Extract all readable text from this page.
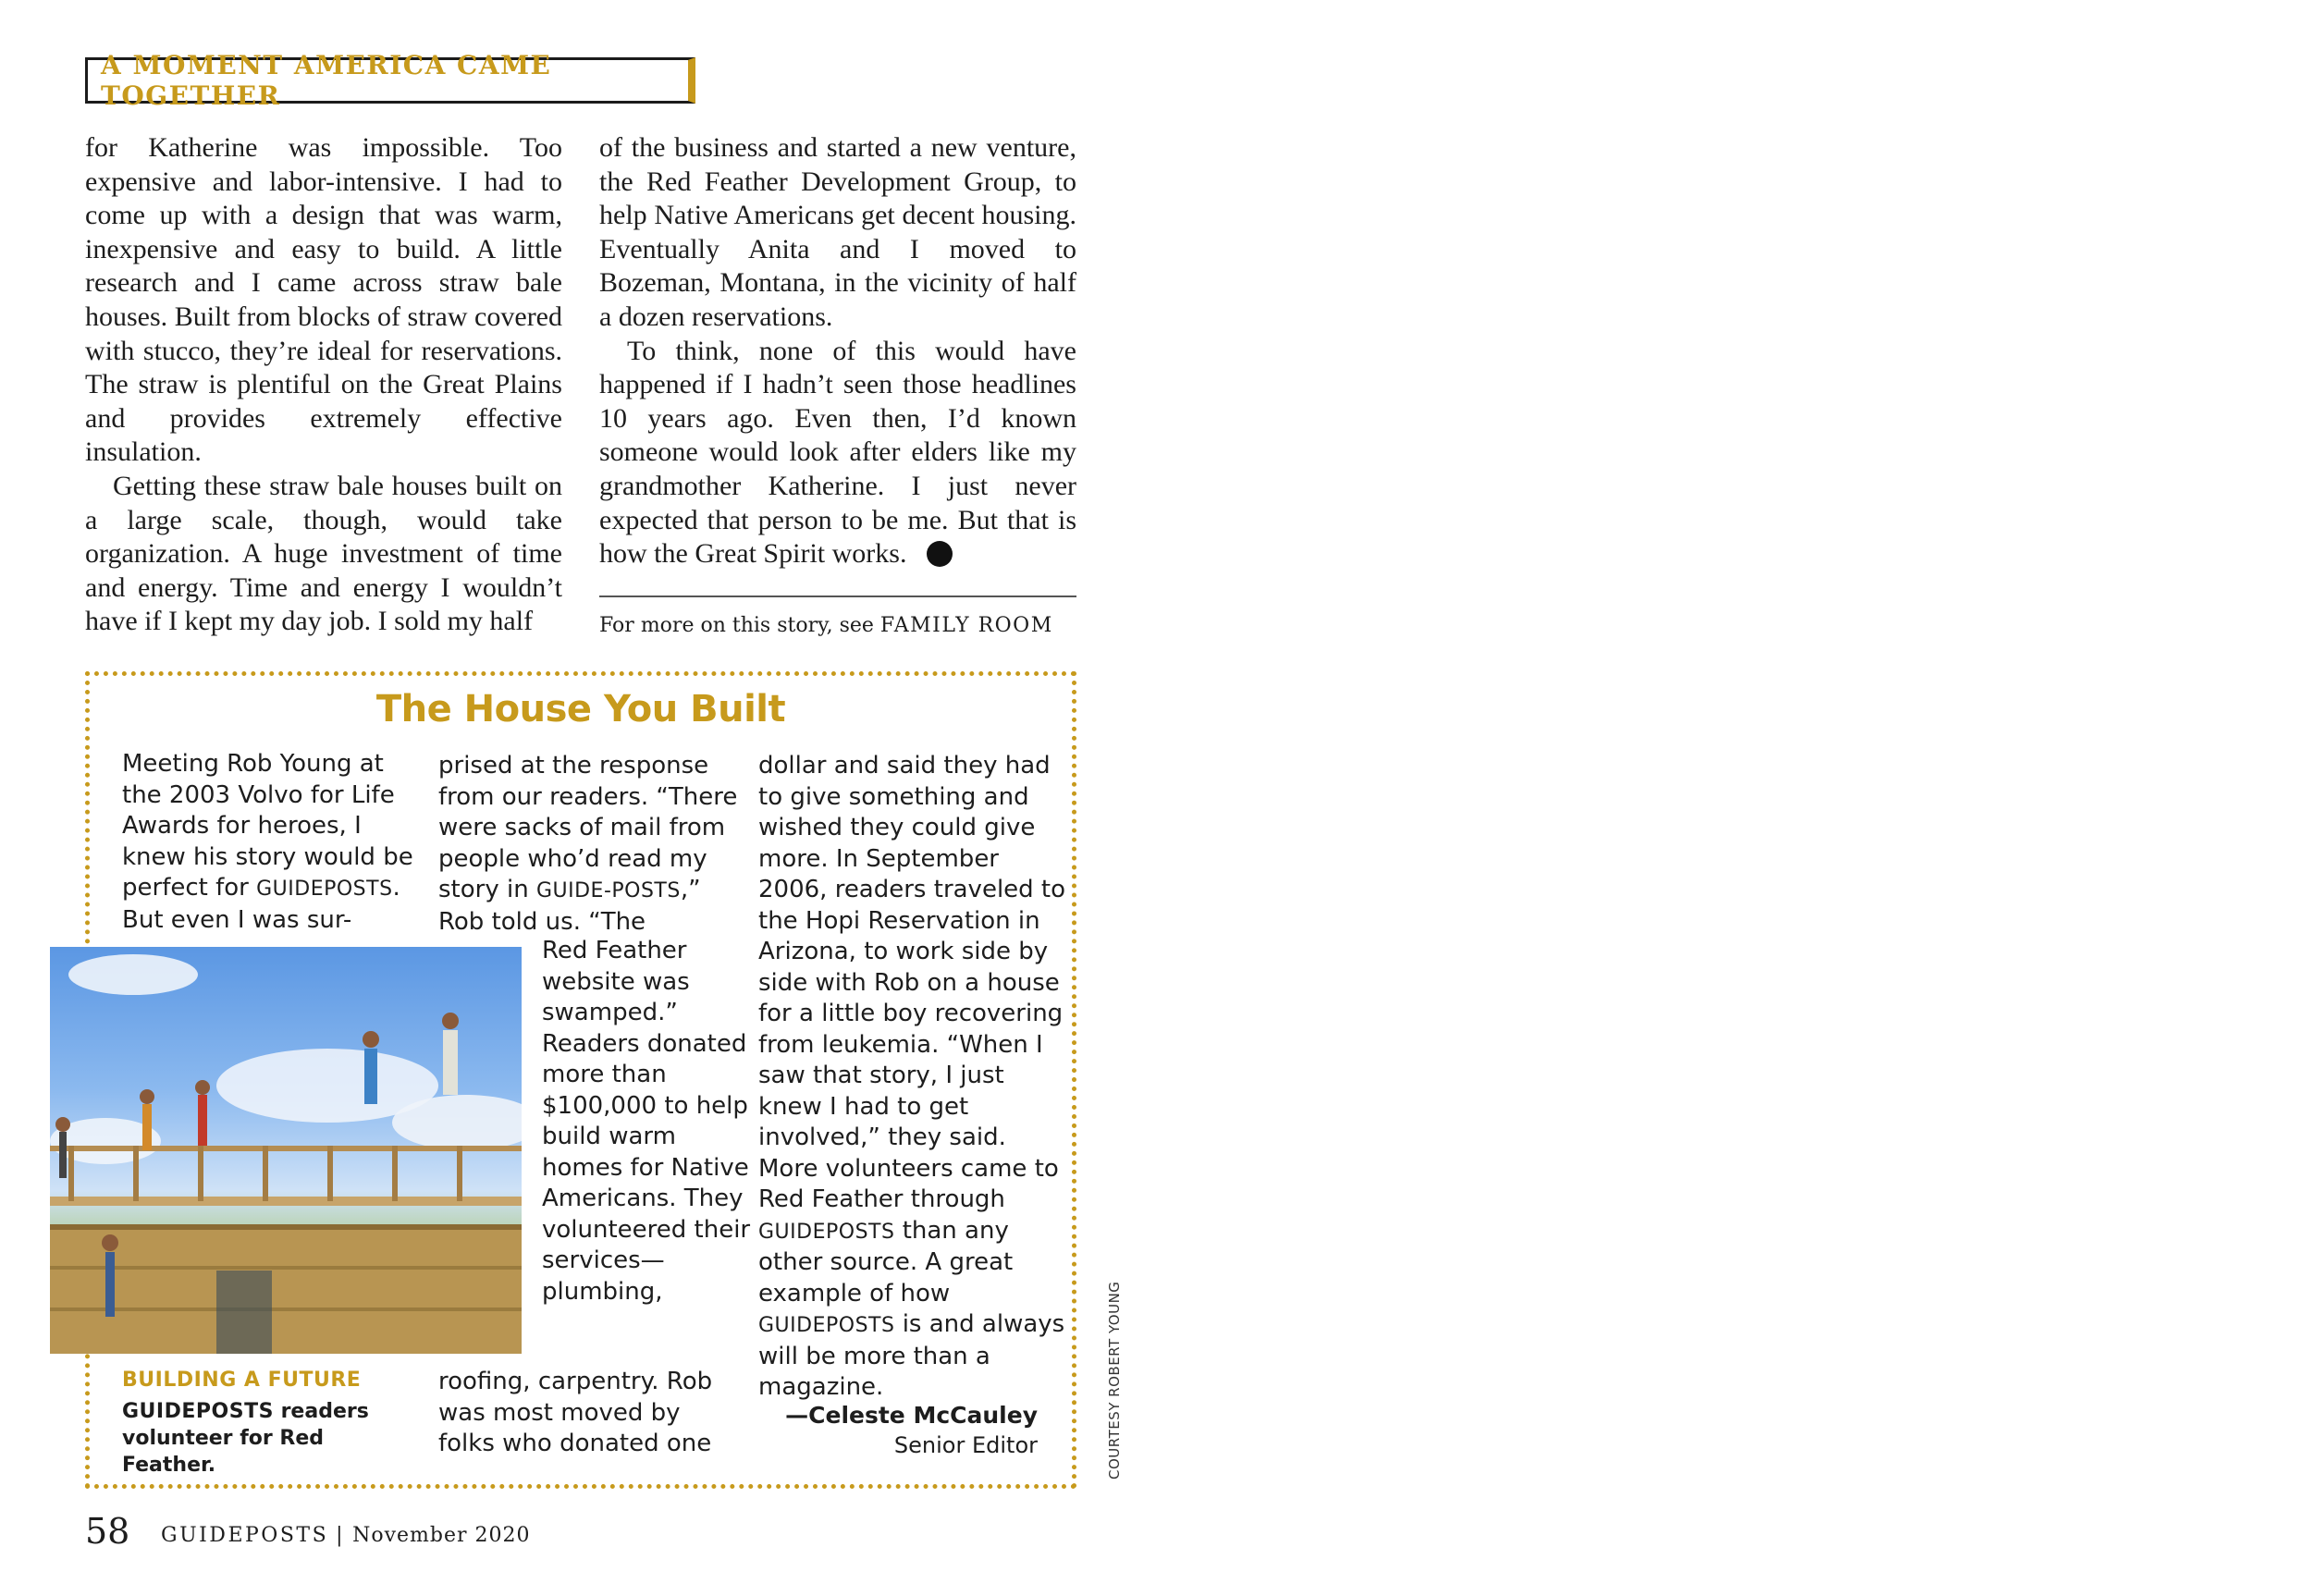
A MOMENT AMERICA CAME TOGETHER

for Katherine was impossible. Too expensive and labor-intensive. I had to come up with a design that was warm, inexpensive and easy to build. A little research and I came across straw bale houses. Built from blocks of straw covered with stucco, they’re ideal for reservations. The straw is plentiful on the Great Plains and provides extremely effective insulation.

Getting these straw bale houses built on a large scale, though, would take organization. A huge investment of time and energy. Time and energy I wouldn’t have if I kept my day job. I sold my half

of the business and started a new venture, the Red Feather Development Group, to help Native Americans get decent housing. Eventually Anita and I moved to Bozeman, Montana, in the vicinity of half a dozen reservations.

To think, none of this would have happened if I hadn’t seen those headlines 10 years ago. Even then, I’d known someone would look after elders like my grandmother Katherine. I just never expected that person to be me. But that is how the Great Spirit works.	G

For more on this story, see FAMILY ROOM
The House You Built
Meeting Rob Young at the 2003 Volvo for Life Awards for heroes, I knew his story would be perfect for GUIDEPOSTS. But even I was sur-
prised at the response from our readers. “There were sacks of mail from people who’d read my story in GUIDE-POSTS,” Rob told us. “The
Red Feather website was swamped.” Readers donated more than $100,000 to help build warm homes for Native Americans. They volunteered their services—plumbing,
roofing, carpentry. Rob was most moved by folks who donated one
dollar and said they had to give something and wished they could give more. In September 2006, readers traveled to the Hopi Reservation in Arizona, to work side by side with Rob on a house for a little boy recovering from leukemia. “When I saw that story, I just knew I had to get involved,” they said. More volunteers came to Red Feather through GUIDEPOSTS than any other source. A great example of how GUIDEPOSTS is and always will be more than a magazine.
—Celeste McCauley
Senior Editor
BUILDING A FUTURE
GUIDEPOSTS readers volunteer for Red Feather.	COURTESY ROBERT YOUNG
58 GUIDEPOSTS | November 2020
